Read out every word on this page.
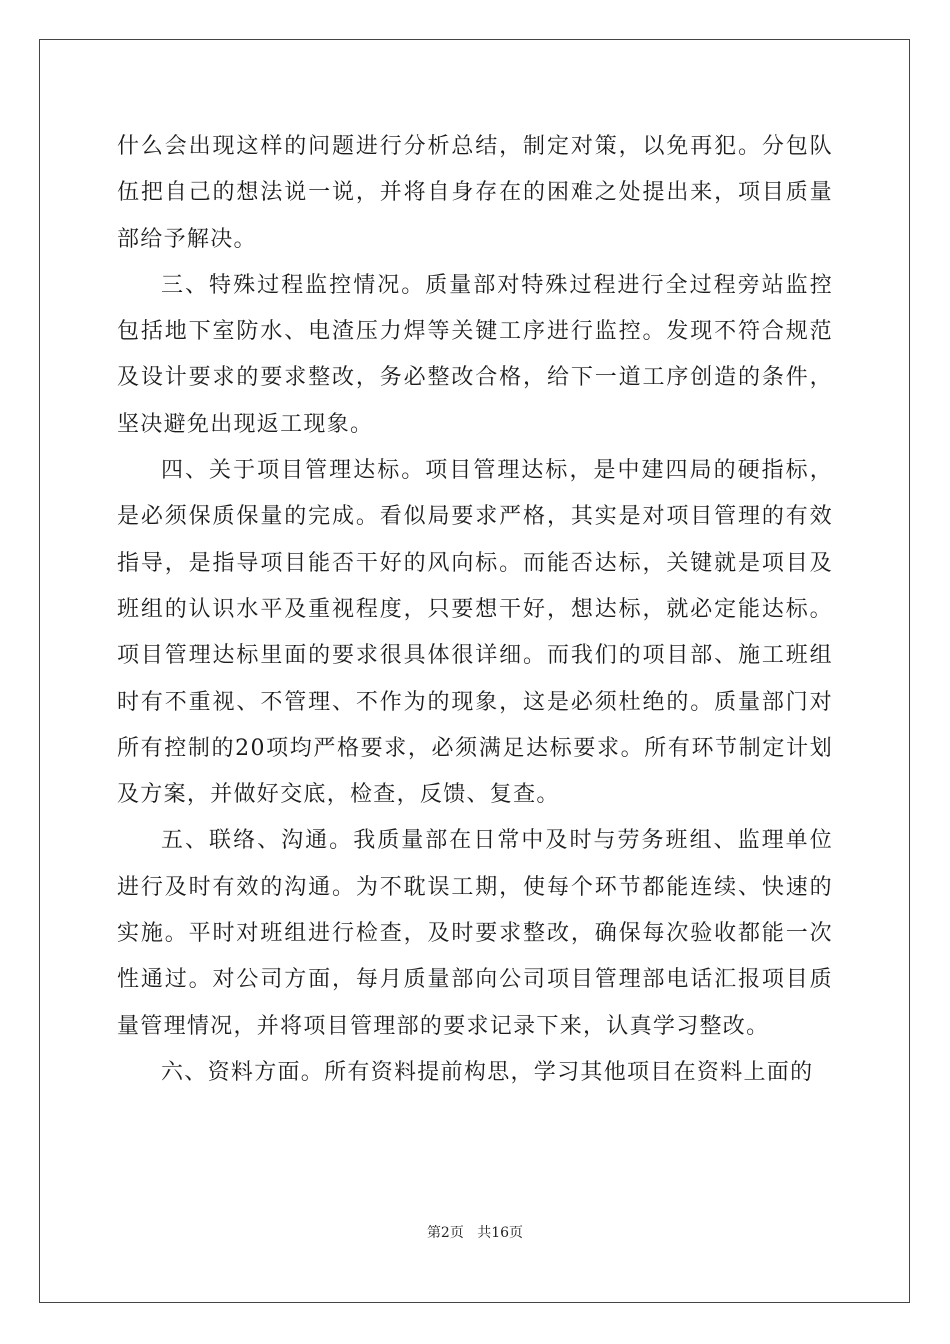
什么会出现这样的问题进行分析总结，制定对策，以免再犯。分包队伍把自己的想法说一说，并将自身存在的困难之处提出来，项目质量部给予解决。

三、特殊过程监控情况。质量部对特殊过程进行全过程旁站监控包括地下室防水、电渣压力焊等关键工序进行监控。发现不符合规范及设计要求的要求整改，务必整改合格，给下一道工序创造的条件，坚决避免出现返工现象。

四、关于项目管理达标。项目管理达标，是中建四局的硬指标，是必须保质保量的完成。看似局要求严格，其实是对项目管理的有效指导，是指导项目能否干好的风向标。而能否达标，关键就是项目及班组的认识水平及重视程度，只要想干好，想达标，就必定能达标。项目管理达标里面的要求很具体很详细。而我们的项目部、施工班组时有不重视、不管理、不作为的现象，这是必须杜绝的。质量部门对所有控制的20项均严格要求，必须满足达标要求。所有环节制定计划及方案，并做好交底，检查，反馈、复查。

五、联络、沟通。我质量部在日常中及时与劳务班组、监理单位进行及时有效的沟通。为不耽误工期，使每个环节都能连续、快速的实施。平时对班组进行检查，及时要求整改，确保每次验收都能一次性通过。对公司方面，每月质量部向公司项目管理部电话汇报项目质量管理情况，并将项目管理部的要求记录下来，认真学习整改。

六、资料方面。所有资料提前构思，学习其他项目在资料上面的

第2页 共16页
